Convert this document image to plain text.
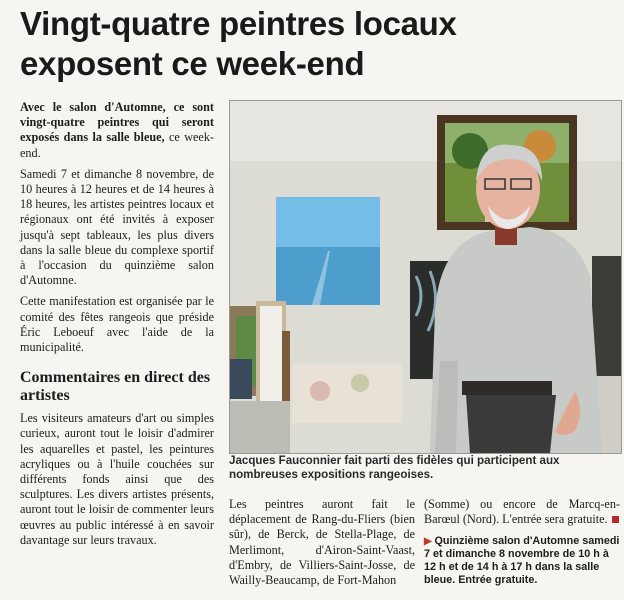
Vingt-quatre peintres locaux
exposent ce week-end

Avec le salon d'Automne, ce sont vingt-quatre peintres qui seront exposés dans la salle bleue, ce week-end.

Samedi 7 et dimanche 8 novembre, de 10 heures à 12 heures et de 14 heures à 18 heures, les artistes peintres locaux et régionaux ont été invités à exposer jusqu'à sept tableaux, les plus divers dans la salle bleue du complexe sportif à l'occasion du quinzième salon d'Automne.

Cette manifestation est organisée par le comité des fêtes rangeois que préside Éric Leboeuf avec l'aide de la municipalité.

Commentaires en direct des artistes

Les visiteurs amateurs d'art ou simples curieux, auront tout le loisir d'admirer les aquarelles et pastel, les peintures acryliques ou à l'huile couchées sur différents fonds ainsi que des sculptures. Les divers artistes présents, auront tout le loisir de commenter leurs œuvres au public intéressé à en savoir davantage sur leurs travaux.

Jacques Fauconnier fait parti des fidèles qui participent aux nombreuses expositions rangeoises.

Les peintres auront fait le déplacement de Rang-du-Fliers (bien sûr), de Berck, de Stella-Plage, de Merlimont, d'Airon-Saint-Vaast, d'Embry, de Villiers-Saint-Josse, de Wailly-Beaucamp, de Fort-Mahon

(Somme) ou encore de Marcq-en-Barœul (Nord). L'entrée sera gratuite.

▶ Quinzième salon d'Automne samedi 7 et dimanche 8 novembre de 10 h à 12 h et de 14 h à 17 h dans la salle bleue. Entrée gratuite.
